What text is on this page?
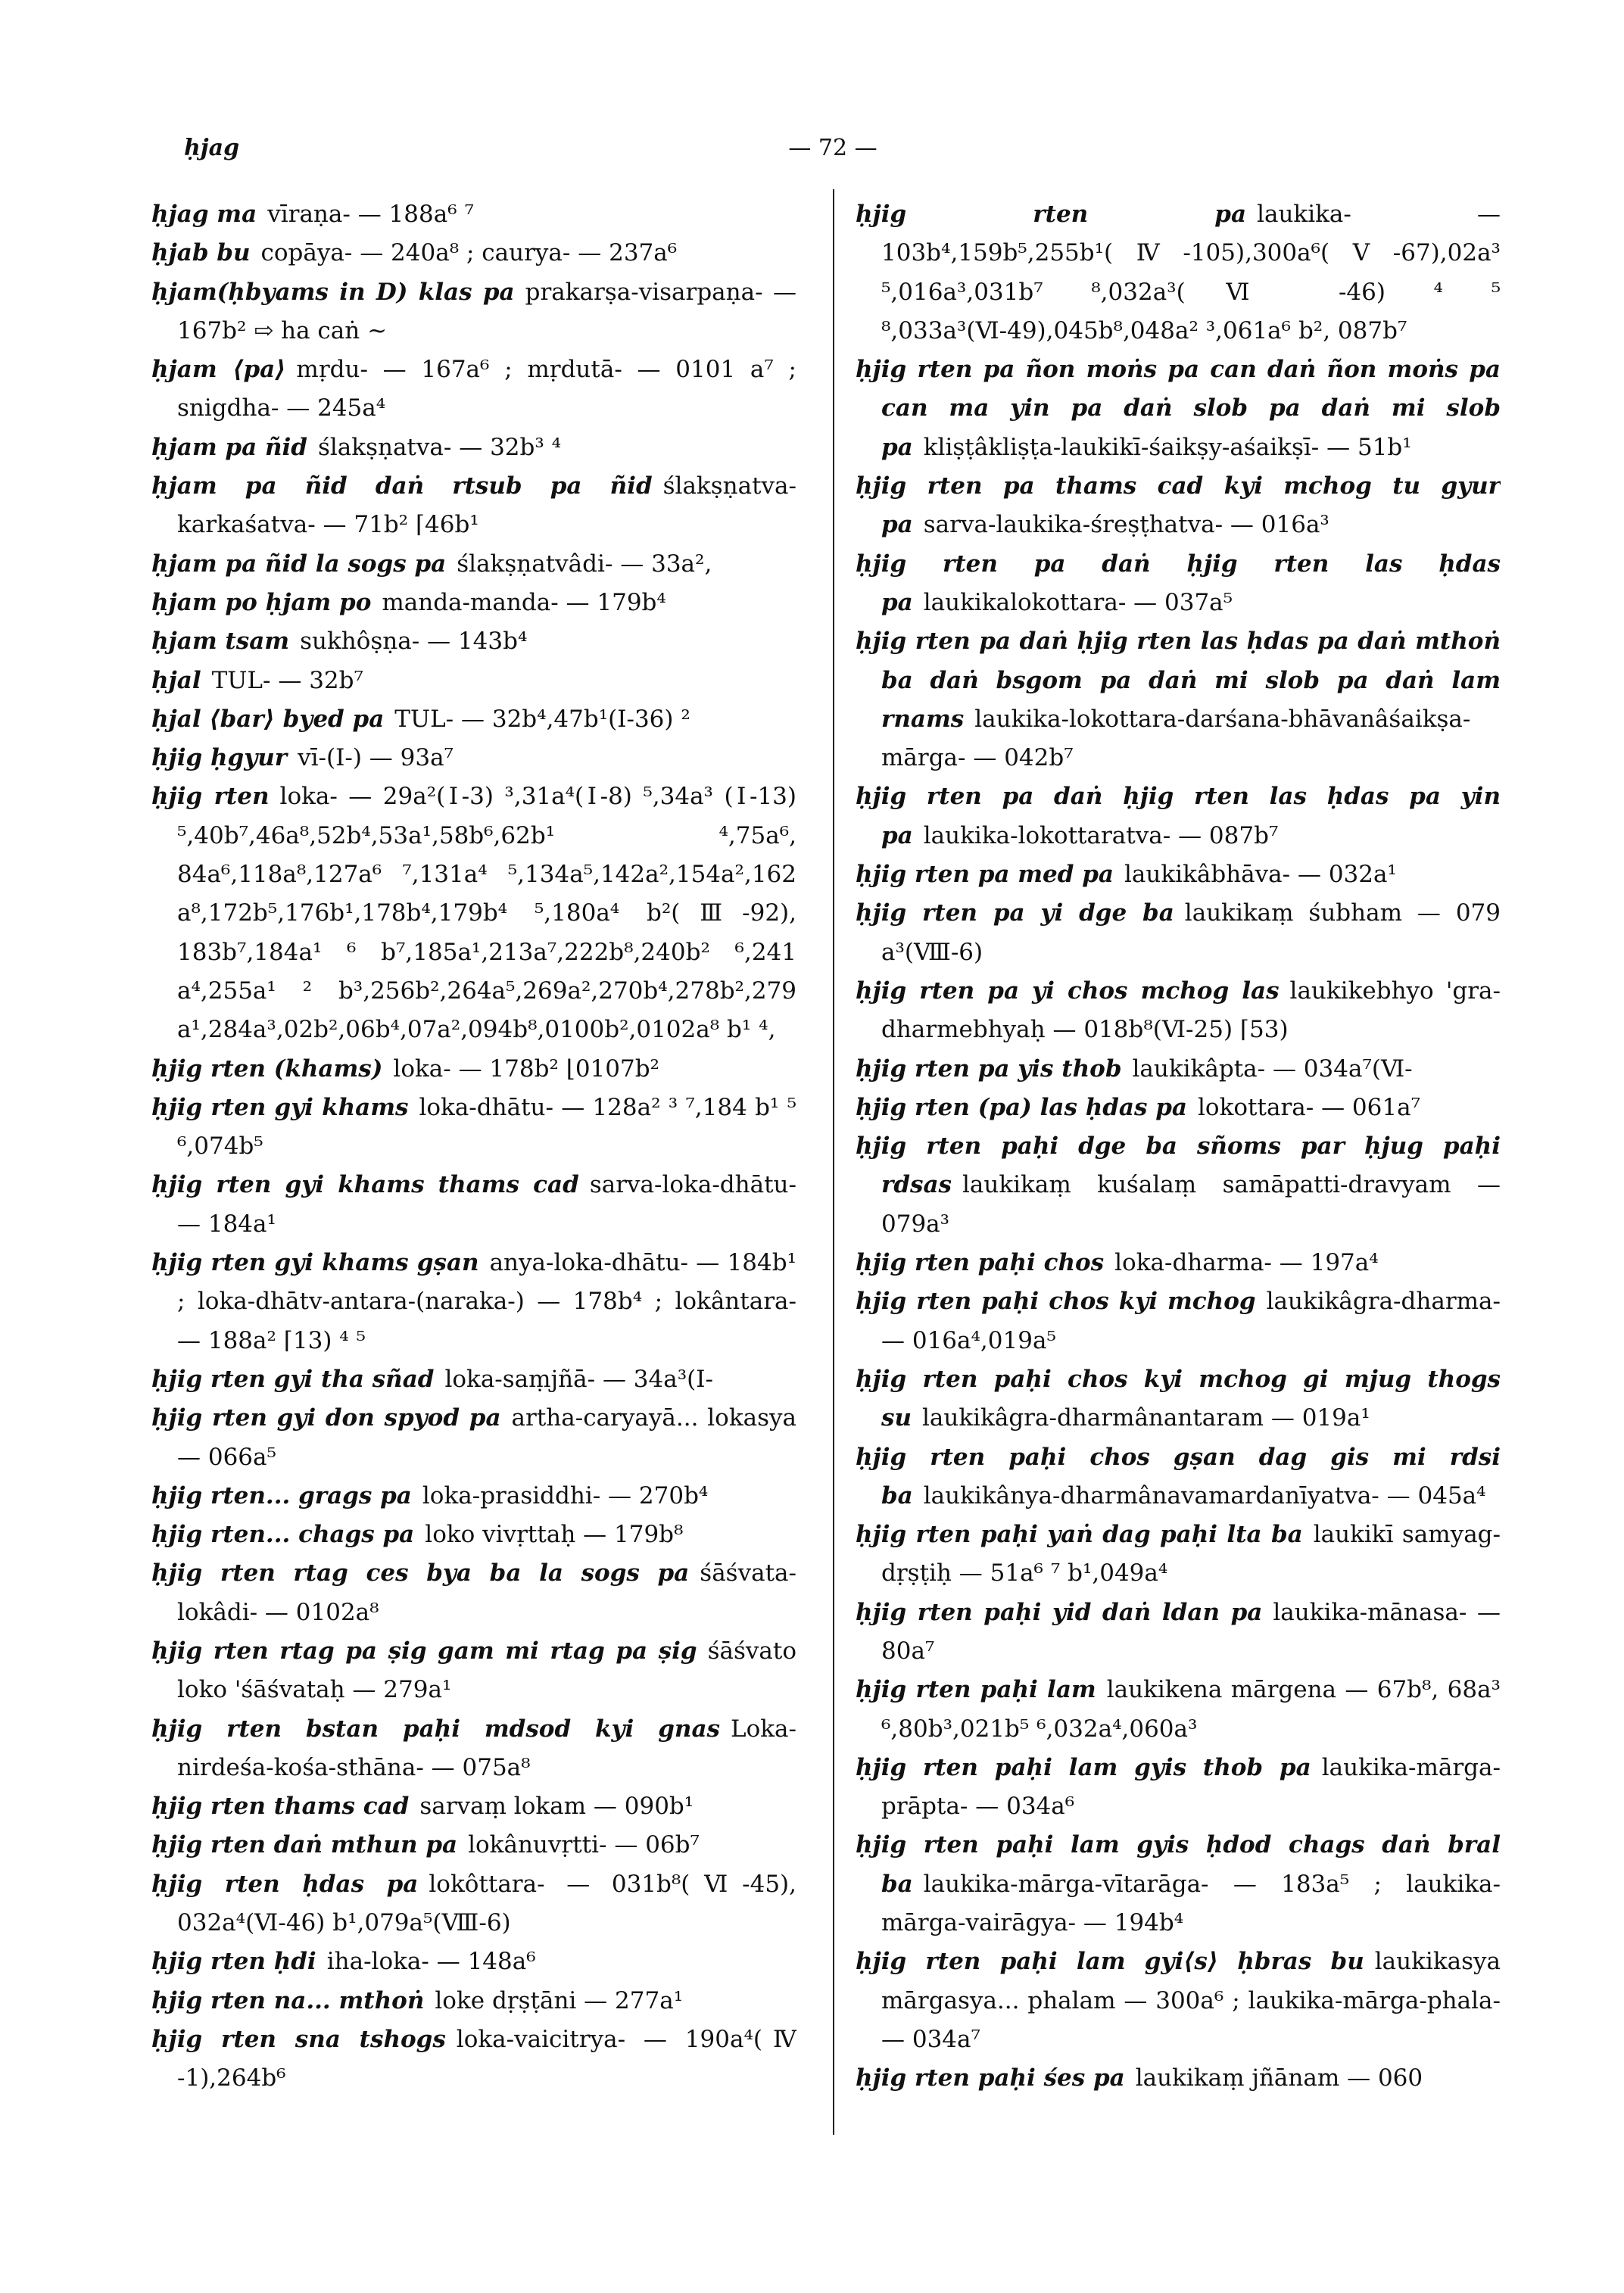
ḥjag	— 72 —

ḥjag ma vīraṇa- — 188a⁶ ⁷

ḥjab bu copāya- — 240a⁸ ; caurya- — 237a⁶

ḥjam(ḥbyams in D) klas pa prakarṣa-visarpaṇa- — 167b² ⇨ ha caṅ ~

ḥjam ⟨pa⟩ mṛdu- — 167a⁶ ; mṛdutā- — 0101 a⁷ ; snigdha- — 245a⁴

ḥjam pa ñid ślakṣṇatva- — 32b³ ⁴

ḥjam pa ñid daṅ rtsub pa ñid ślakṣṇatva-karkaśatva- — 71b² ⌈46b¹

ḥjam pa ñid la sogs pa ślakṣṇatvâdi- — 33a²,

ḥjam po ḥjam po manda-manda- — 179b⁴

ḥjam tsam sukhôṣṇa- — 143b⁴

ḥjal TUL- — 32b⁷

ḥjal ⟨bar⟩ byed pa TUL- — 32b⁴,47b¹(Ⅰ-36) ²

ḥjig ḥgyur vī-(I-) — 93a⁷

ḥjig rten loka- — 29a²(Ⅰ-3) ³,31a⁴(Ⅰ-8) ⁵,34a³ (Ⅰ-13) ⁵,40b⁷,46a⁸,52b⁴,53a¹,58b⁶,62b¹ ⁴,75a⁶, 84a⁶,118a⁸,127a⁶ ⁷,131a⁴ ⁵,134a⁵,142a²,154a²,162 a⁸,172b⁵,176b¹,178b⁴,179b⁴ ⁵,180a⁴ b²(Ⅲ-92), 183b⁷,184a¹ ⁶ b⁷,185a¹,213a⁷,222b⁸,240b² ⁶,241 a⁴,255a¹ ² b³,256b²,264a⁵,269a²,270b⁴,278b²,279 a¹,284a³,02b²,06b⁴,07a²,094b⁸,0100b²,0102a⁸ b¹ ⁴,

ḥjig rten (khams) loka- — 178b² ⌊0107b²

ḥjig rten gyi khams loka-dhātu- — 128a² ³ ⁷,184 b¹ ⁵ ⁶,074b⁵

ḥjig rten gyi khams thams cad sarva-loka-dhātu- — 184a¹

ḥjig rten gyi khams gṣan anya-loka-dhātu- — 184b¹ ; loka-dhātv-antara-(naraka-) — 178b⁴ ; lokântara- — 188a² ⌈13) ⁴ ⁵

ḥjig rten gyi tha sñad loka-saṃjñā- — 34a³(Ⅰ-

ḥjig rten gyi don spyod pa artha-caryayā... lokasya — 066a⁵

ḥjig rten... grags pa loka-prasiddhi- — 270b⁴

ḥjig rten... chags pa loko vivṛttaḥ — 179b⁸

ḥjig rten rtag ces bya ba la sogs pa śāśvata-lokâdi- — 0102a⁸

ḥjig rten rtag pa ṣig gam mi rtag pa ṣig śāśvato loko 'śāśvataḥ — 279a¹

ḥjig rten bstan paḥi mdsod kyi gnas Loka-nirdeśa-kośa-sthāna- — 075a⁸

ḥjig rten thams cad sarvaṃ lokam — 090b¹

ḥjig rten daṅ mthun pa lokânuvṛtti- — 06b⁷

ḥjig rten ḥdas pa lokôttara- — 031b⁸(Ⅵ-45), 032a⁴(Ⅵ-46) b¹,079a⁵(Ⅷ-6)

ḥjig rten ḥdi iha-loka- — 148a⁶

ḥjig rten na... mthoṅ loke dṛṣṭāni — 277a¹

ḥjig rten sna tshogs loka-vaicitrya- — 190a⁴(Ⅳ -1),264b⁶

ḥjig rten pa laukika- — 103b⁴,159b⁵,255b¹(Ⅳ-105),300a⁶(Ⅴ-67),02a³ ⁵,016a³,031b⁷ ⁸,032a³(Ⅵ -46) ⁴ ⁵ ⁸,033a³(Ⅵ-49),045b⁸,048a² ³,061a⁶ b², 087b⁷

ḥjig rten pa ñon moṅs pa can daṅ ñon moṅs pa can ma yin pa daṅ slob pa daṅ mi slob pa kliṣṭâkliṣṭa-laukikī-śaikṣy-aśaikṣī- — 51b¹

ḥjig rten pa thams cad kyi mchog tu gyur pa sarva-laukika-śreṣṭhatva- — 016a³

ḥjig rten pa daṅ ḥjig rten las ḥdas pa laukikalokottara- — 037a⁵

ḥjig rten pa daṅ ḥjig rten las ḥdas pa daṅ mthoṅ ba daṅ bsgom pa daṅ mi slob pa daṅ lam rnams laukika-lokottara-darśana-bhāvanâśaikṣa-mārga- — 042b⁷

ḥjig rten pa daṅ ḥjig rten las ḥdas pa yin pa laukika-lokottaratva- — 087b⁷

ḥjig rten pa med pa laukikâbhāva- — 032a¹

ḥjig rten pa yi dge ba laukikaṃ śubham — 079 a³(Ⅷ-6)

ḥjig rten pa yi chos mchog las laukikebhyo 'gra-dharmebhyaḥ — 018b⁸(Ⅵ-25) ⌈53)

ḥjig rten pa yis thob laukikâpta- — 034a⁷(Ⅵ-

ḥjig rten (pa) las ḥdas pa lokottara- — 061a⁷

ḥjig rten paḥi dge ba sñoms par ḥjug paḥi rdsas laukikaṃ kuśalaṃ samāpatti-dravyam — 079a³

ḥjig rten paḥi chos loka-dharma- — 197a⁴

ḥjig rten paḥi chos kyi mchog laukikâgra-dharma- — 016a⁴,019a⁵

ḥjig rten paḥi chos kyi mchog gi mjug thogs su laukikâgra-dharmânantaram — 019a¹

ḥjig rten paḥi chos gṣan dag gis mi rdsi ba laukikânya-dharmânavamardanīyatva- — 045a⁴

ḥjig rten paḥi yaṅ dag paḥi lta ba laukikī samyag-dṛṣṭiḥ — 51a⁶ ⁷ b¹,049a⁴

ḥjig rten paḥi yid daṅ ldan pa laukika-mānasa- — 80a⁷

ḥjig rten paḥi lam laukikena mārgena — 67b⁸, 68a³ ⁶,80b³,021b⁵ ⁶,032a⁴,060a³

ḥjig rten paḥi lam gyis thob pa laukika-mārga-prāpta- — 034a⁶

ḥjig rten paḥi lam gyis ḥdod chags daṅ bral ba laukika-mārga-vītarāga- — 183a⁵ ; laukika-mārga-vairāgya- — 194b⁴

ḥjig rten paḥi lam gyi⟨s⟩ ḥbras bu laukikasya mārgasya... phalam — 300a⁶ ; laukika-mārga-phala- — 034a⁷

ḥjig rten paḥi śes pa laukikaṃ jñānam — 060
